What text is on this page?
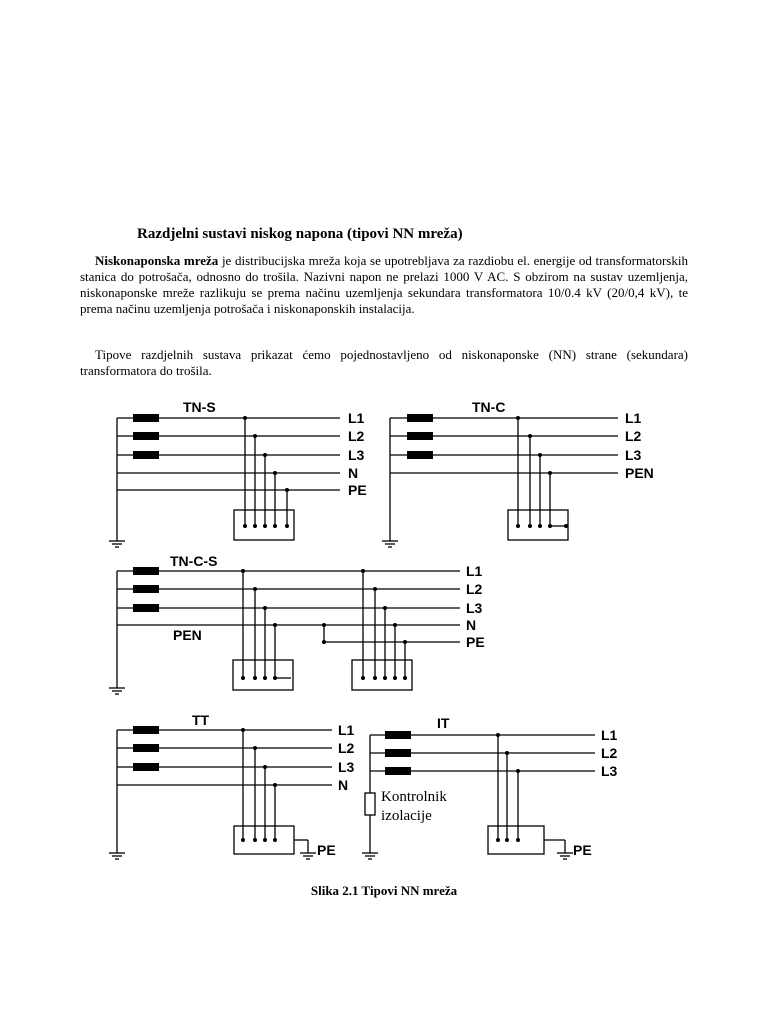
Razdjelni sustavi niskog napona (tipovi NN mreža)

Niskonaponska mreža je distribucijska mreža koja se upotrebljava za razdiobu el. energije od transformatorskih stanica do potrošača, odnosno do trošila. Nazivni napon ne prelazi 1000 V AC. S obzirom na sustav uzemljenja, niskonaponske mreže razlikuju se prema načinu uzemljenja sekundara transformatora 10/0.4 kV (20/0,4 kV), te prema načinu uzemljenja potrošača i niskonaponskih instalacija.

Tipove razdjelnih sustava prikazat ćemo pojednostavljeno od niskonaponske (NN) strane (sekundara) transformatora do trošila.

TN-S
L1
L2
L3
N
PE
TN-C
L1
L2
L3
PEN
TN-C-S
L1
L2
L3
N
PE
PEN
TT
L1
L2
L3
N
PE
IT
L1
L2
L3
Kontrolnik
izolacije
PE

Slika 2.1 Tipovi NN mreža
